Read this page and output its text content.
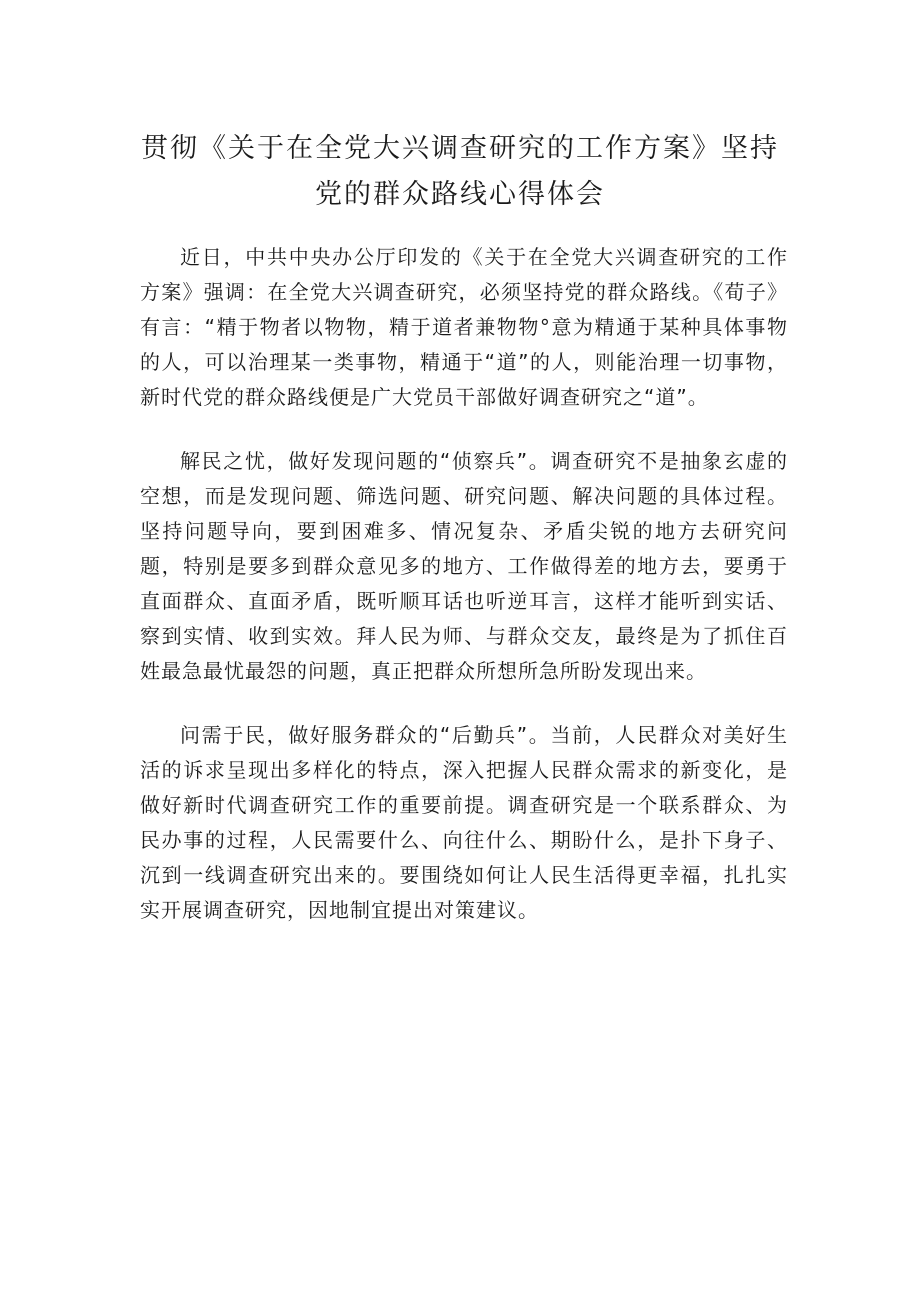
贯彻《关于在全党大兴调查研究的工作方案》坚持
党的群众路线心得体会

近日，中共中央办公厅印发的《关于在全党大兴调查研究的工作方案》强调：在全党大兴调查研究，必须坚持党的群众路线。《荀子》有言：“精于物者以物物，精于道者兼物物°意为精通于某种具体事物的人，可以治理某一类事物，精通于“道”的人，则能治理一切事物，新时代党的群众路线便是广大党员干部做好调查研究之“道”。

解民之忧，做好发现问题的“侦察兵”。调查研究不是抽象玄虚的空想，而是发现问题、筛选问题、研究问题、解决问题的具体过程。坚持问题导向，要到困难多、情况复杂、矛盾尖锐的地方去研究问题，特别是要多到群众意见多的地方、工作做得差的地方去，要勇于直面群众、直面矛盾，既听顺耳话也听逆耳言，这样才能听到实话、察到实情、收到实效。拜人民为师、与群众交友，最终是为了抓住百姓最急最忧最怨的问题，真正把群众所想所急所盼发现出来。

问需于民，做好服务群众的“后勤兵”。当前，人民群众对美好生活的诉求呈现出多样化的特点，深入把握人民群众需求的新变化，是做好新时代调查研究工作的重要前提。调查研究是一个联系群众、为民办事的过程，人民需要什么、向往什么、期盼什么，是扑下身子、沉到一线调查研究出来的。要围绕如何让人民生活得更幸福，扎扎实实开展调查研究，因地制宜提出对策建议。
